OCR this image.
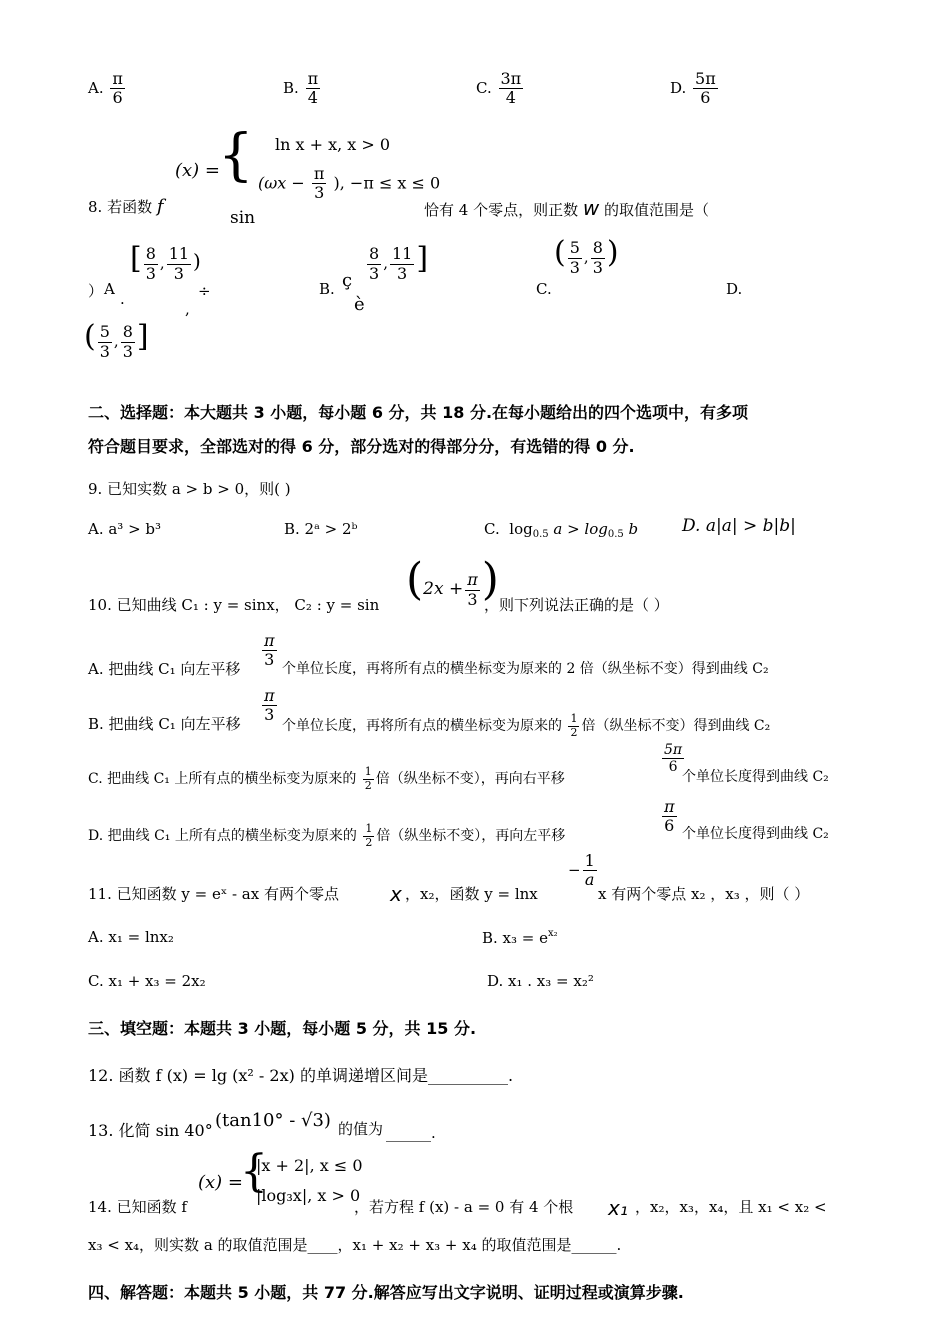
A. $\frac{\pi}{6}$	B. $\frac{\pi}{4}$	C. $\frac{3\pi}{4}$	D. $\frac{5\pi}{6}$
8. 若函数 f
(x) =
{ ln x + x, x > 0
($\omega x - \frac{\pi}{3}$ ), −π ≤ x ≤ 0
sin	恰有 4 个零点，则正数 w 的取值范围是（
） A
[ $\frac{8}{3}$ , $\frac{11}{3}$ )
.	÷
,
B. ç $\frac{8}{3}$ , $\frac{11}{3}$ ]
è
C.
( $\frac{5}{3}$ , $\frac{8}{3}$ )
D.
( $\frac{5}{3}$ , $\frac{8}{3}$ ]
二、选择题：本大题共 3 小题，每小题 6 分，共 18 分.在每小题给出的四个选项中，有多项
符合题目要求，全部选对的得 6 分，部分选对的得部分分，有选错的得 0 分.
9. 已知实数 a > b > 0，则( )
A. a³ > b³	B. 2ᵃ > 2ᵇ	C. $\log_{0.5} a > \log_{0.5} b$	D. a|a| > b|b|
10. 已知曲线 C₁ : y = sinx， C₂ : $y = \sin (2x + \frac{\pi}{3}$ )
，则下列说法正确的是（ ）
A. 把曲线 C₁ 向左平移 $\frac{\pi}{3}$ 个单位长度，再将所有点的横坐标变为原来的 2 倍（纵坐标不变）得到曲线 C₂
B. 把曲线 C₁ 向左平移 $\frac{\pi}{3}$
个单位长度，再将所有点的横坐标变为原来的 $\frac{1}{2}$ 倍（纵坐标不变）得到曲线 C₂
C. 把曲线 C₁ 上所有点的横坐标变为原来的 $\frac{1}{2}$ 倍（纵坐标不变），再向右平移
$\frac{5\pi}{6}$
个单位长度得到曲线 C₂
D. 把曲线 C₁ 上所有点的横坐标变为原来的 $\frac{1}{2}$ 倍（纵坐标不变），再向左平移
$\frac{\pi}{6}$ 个单位长度得到曲线 C₂
11. 已知函数 y = eˣ - ax 有两个零点	x ，x₂，函数 y = lnx
− $\frac{1}{a}$
x 有两个零点 x₂ ，x₃ ，则（ ）
A. x₁ = lnx₂	B. $x_3 = e^{x_2}$
C. x₁ + x₃ = 2x₂	D. x₁ . x₃ = x₂²
三、填空题：本题共 3 小题，每小题 5 分，共 15 分.
12. 函数 f (x) = lg (x² - 2x) 的单调递增区间是__________.
13. 化简 sin 40° (tan10° - √3) 的值为 ______.
14. 已知函数 f
(x) =
{
|x + 2|, x ≤ 0
|log₃x|, x > 0
，若方程 f (x) - a = 0 有 4 个根 x₁ ，x₂，x₃，x₄，且 x₁ < x₂ <
x₃ < x₄，则实数 a 的取值范围是____，x₁ + x₂ + x₃ + x₄ 的取值范围是______.
四、解答题：本题共 5 小题，共 77 分.解答应写出文字说明、证明过程或演算步骤.
